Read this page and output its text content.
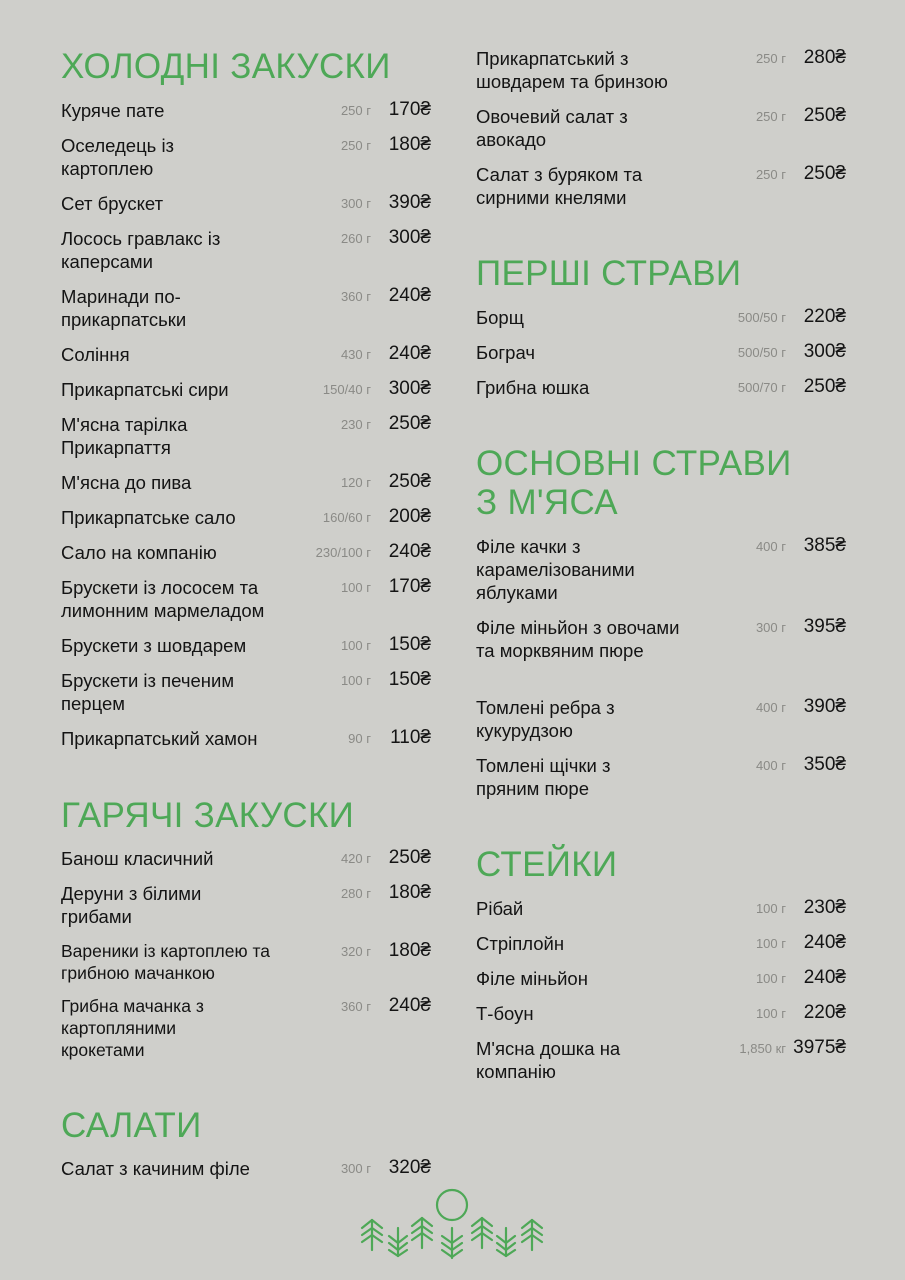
ХОЛОДНІ ЗАКУСКИ
Куряче пате	250 г 170₴
Оселедець із картоплею
250 г 180₴
Сет брускет	300 г 390₴
Лосось гравлакс із каперсами
260 г 300₴
Маринади по-прикарпатськи
360 г 240₴
Соління	430 г 240₴
Прикарпатські сири	150/40 г 300₴
М'ясна тарілка Прикарпаття
230 г 250₴
М'ясна до пива	120 г 250₴
Прикарпатське сало	160/60 г 200₴
Сало на компанію	230/100 г 240₴
Брускети із лососем та лимонним мармеладом
100 г 170₴
Брускети з шовдарем	100 г 150₴
Брускети із печеним перцем
100 г 150₴
Прикарпатський хамон	90 г 110₴
ГАРЯЧІ ЗАКУСКИ
Банош класичний	420 г 250₴
Деруни з білими грибами
280 г 180₴
Вареники із картоплею та грибною мачанкою
320 г 180₴
Грибна мачанка з картопляними крокетами
360 г 240₴
САЛАТИ
Салат з качиним філе	300 г 320₴
Прикарпатський з шовдарем та бринзою
250 г 280₴
Овочевий салат з авокадо
250 г 250₴
Салат з буряком та сирними кнелями
250 г 250₴
ПЕРШІ СТРАВИ
Борщ	500/50 г 220₴
Бограч	500/50 г 300₴
Грибна юшка	500/70 г 250₴
ОСНОВНІ СТРАВИ З М'ЯСА
Філе качки з карамелізованими яблуками
400 г 385₴
Філе міньйон з овочами та морквяним пюре
300 г 395₴
Томлені ребра з кукурудзою
400 г 390₴
Томлені щічки з пряним пюре
400 г 350₴
СТЕЙКИ
Рібай	100 г 230₴
Стріплойн	100 г 240₴
Філе міньйон	100 г 240₴
Т-боун	100 г 220₴
М'ясна дошка на компанію
1,850 кг 3975₴
